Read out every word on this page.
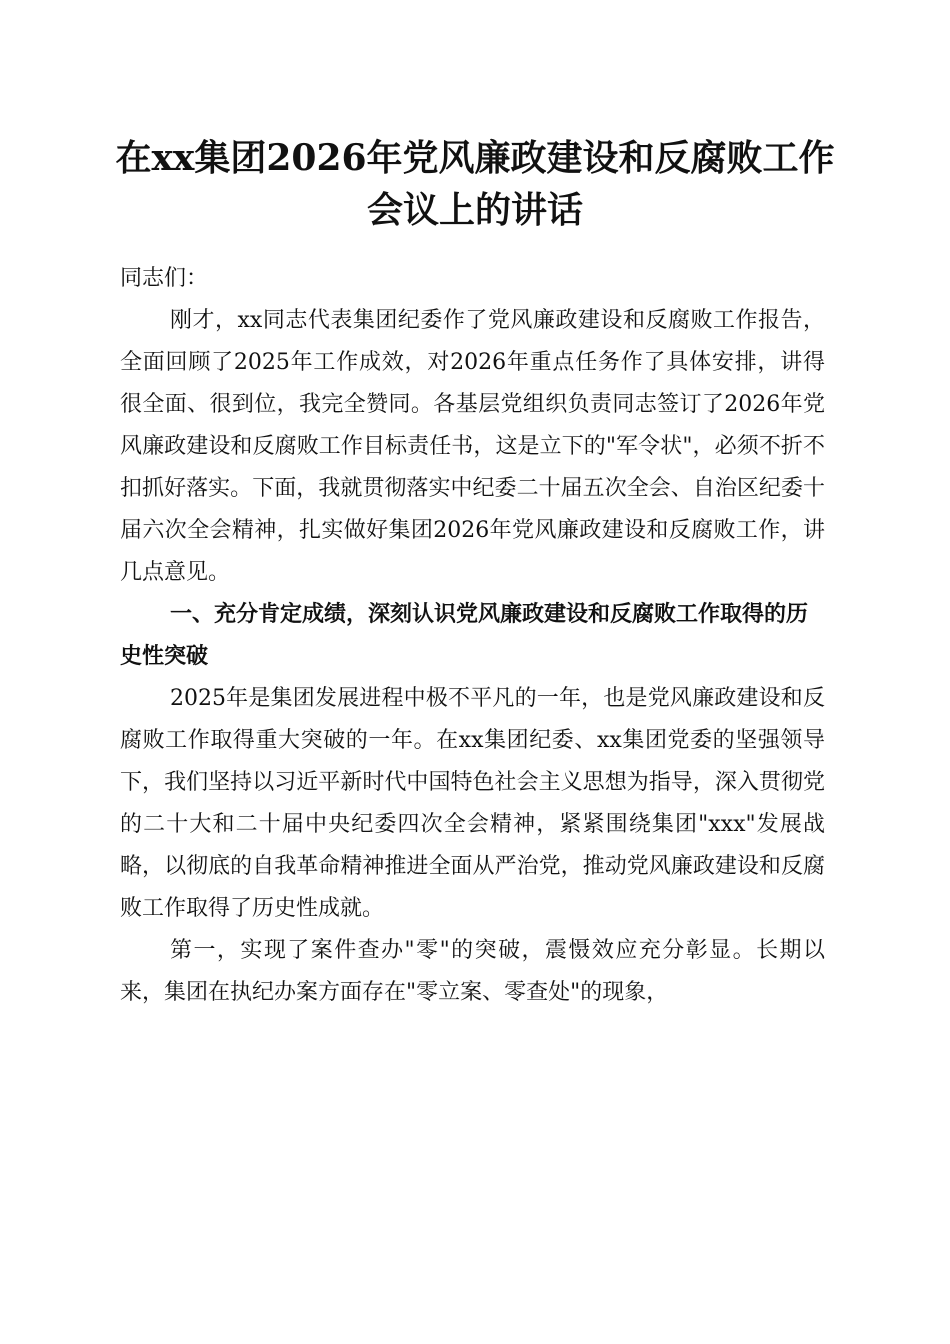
在xx集团2026年党风廉政建设和反腐败工作
会议上的讲话

同志们：

刚才，xx同志代表集团纪委作了党风廉政建设和反腐败工作报告，全面回顾了2025年工作成效，对2026年重点任务作了具体安排，讲得很全面、很到位，我完全赞同。各基层党组织负责同志签订了2026年党风廉政建设和反腐败工作目标责任书，这是立下的"军令状"，必须不折不扣抓好落实。下面，我就贯彻落实中纪委二十届五次全会、自治区纪委十届六次全会精神，扎实做好集团2026年党风廉政建设和反腐败工作，讲几点意见。

一、充分肯定成绩，深刻认识党风廉政建设和反腐败工作取得的历史性突破

2025年是集团发展进程中极不平凡的一年，也是党风廉政建设和反腐败工作取得重大突破的一年。在xx集团纪委、xx集团党委的坚强领导下，我们坚持以习近平新时代中国特色社会主义思想为指导，深入贯彻党的二十大和二十届中央纪委四次全会精神，紧紧围绕集团"xxx"发展战略，以彻底的自我革命精神推进全面从严治党，推动党风廉政建设和反腐败工作取得了历史性成就。

第一，实现了案件查办"零"的突破，震慑效应充分彰显。长期以来，集团在执纪办案方面存在"零立案、零查处"的现象，
